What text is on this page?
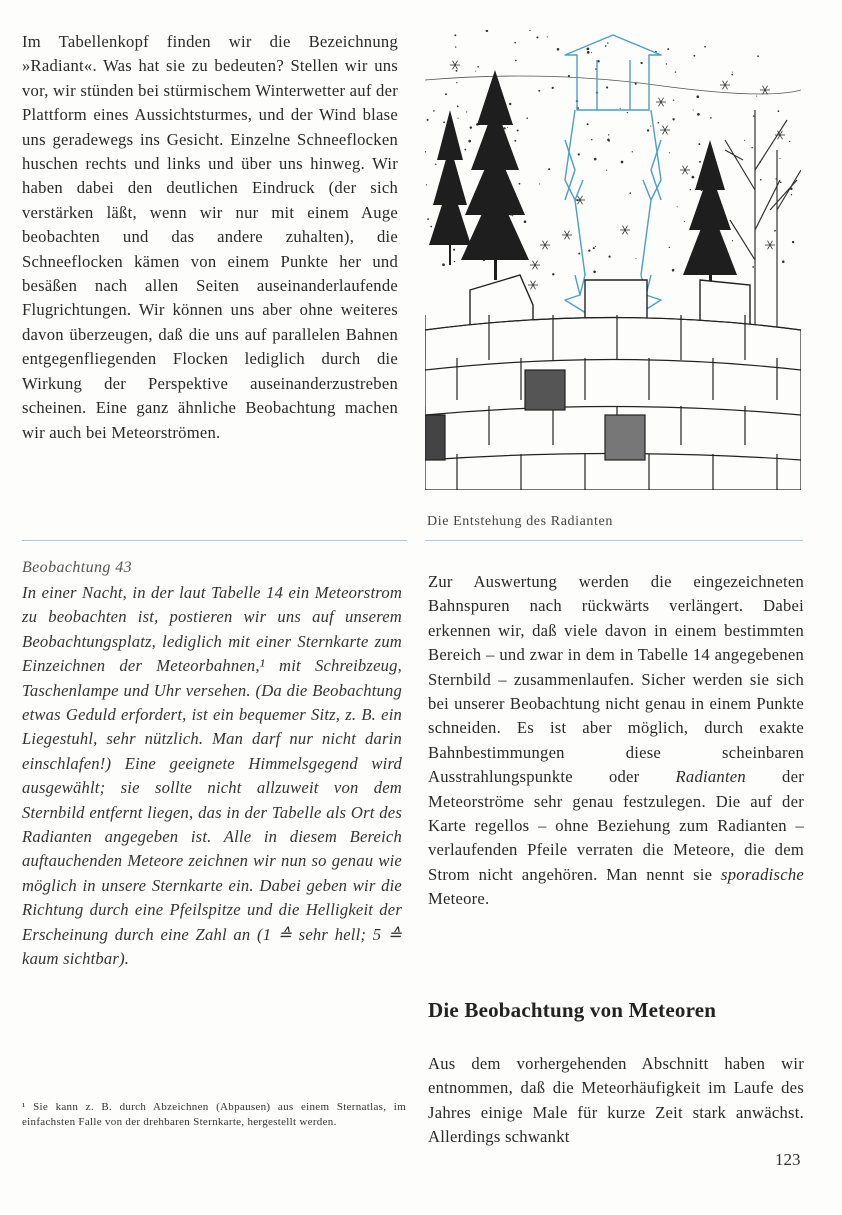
Im Tabellenkopf finden wir die Bezeichnung »Radiant«. Was hat sie zu bedeuten? Stellen wir uns vor, wir stünden bei stürmischem Winterwetter auf der Plattform eines Aussichtsturmes, und der Wind blase uns geradewegs ins Gesicht. Einzelne Schneeflocken huschen rechts und links und über uns hinweg. Wir haben dabei den deutlichen Eindruck (der sich verstärken läßt, wenn wir nur mit einem Auge beobachten und das andere zuhalten), die Schneeflocken kämen von einem Punkte her und besäßen nach allen Seiten auseinanderlaufende Flugrichtungen. Wir können uns aber ohne weiteres davon überzeugen, daß die uns auf parallelen Bahnen entgegenfliegenden Flocken lediglich durch die Wirkung der Perspektive auseinanderzustreben scheinen. Eine ganz ähnliche Beobachtung machen wir auch bei Meteorströmen.

Die Entstehung des Radianten

Beobachtung 43

In einer Nacht, in der laut Tabelle 14 ein Meteorstrom zu beobachten ist, postieren wir uns auf unserem Beobachtungsplatz, lediglich mit einer Sternkarte zum Einzeichnen der Meteorbahnen,¹ mit Schreibzeug, Taschenlampe und Uhr versehen. (Da die Beobachtung etwas Geduld erfordert, ist ein bequemer Sitz, z. B. ein Liegestuhl, sehr nützlich. Man darf nur nicht darin einschlafen!) Eine geeignete Himmelsgegend wird ausgewählt; sie sollte nicht allzuweit von dem Sternbild entfernt liegen, das in der Tabelle als Ort des Radianten angegeben ist. Alle in diesem Bereich auftauchenden Meteore zeichnen wir nun so genau wie möglich in unsere Sternkarte ein. Dabei geben wir die Richtung durch eine Pfeilspitze und die Helligkeit der Erscheinung durch eine Zahl an (1 ≙ sehr hell; 5 ≙ kaum sichtbar).

Zur Auswertung werden die eingezeichneten Bahnspuren nach rückwärts verlängert. Dabei erkennen wir, daß viele davon in einem bestimmten Bereich – und zwar in dem in Tabelle 14 angegebenen Sternbild – zusammenlaufen. Sicher werden sie sich bei unserer Beobachtung nicht genau in einem Punkte schneiden. Es ist aber möglich, durch exakte Bahnbestimmungen diese scheinbaren Ausstrahlungspunkte oder Radianten der Meteorströme sehr genau festzulegen. Die auf der Karte regellos – ohne Beziehung zum Radianten – verlaufenden Pfeile verraten die Meteore, die dem Strom nicht angehören. Man nennt sie sporadische Meteore.

Die Beobachtung von Meteoren

Aus dem vorhergehenden Abschnitt haben wir entnommen, daß die Meteorhäufigkeit im Laufe des Jahres einige Male für kurze Zeit stark anwächst. Allerdings schwankt

¹ Sie kann z. B. durch Abzeichnen (Abpausen) aus einem Sternatlas, im einfachsten Falle von der drehbaren Sternkarte, hergestellt werden.

123
